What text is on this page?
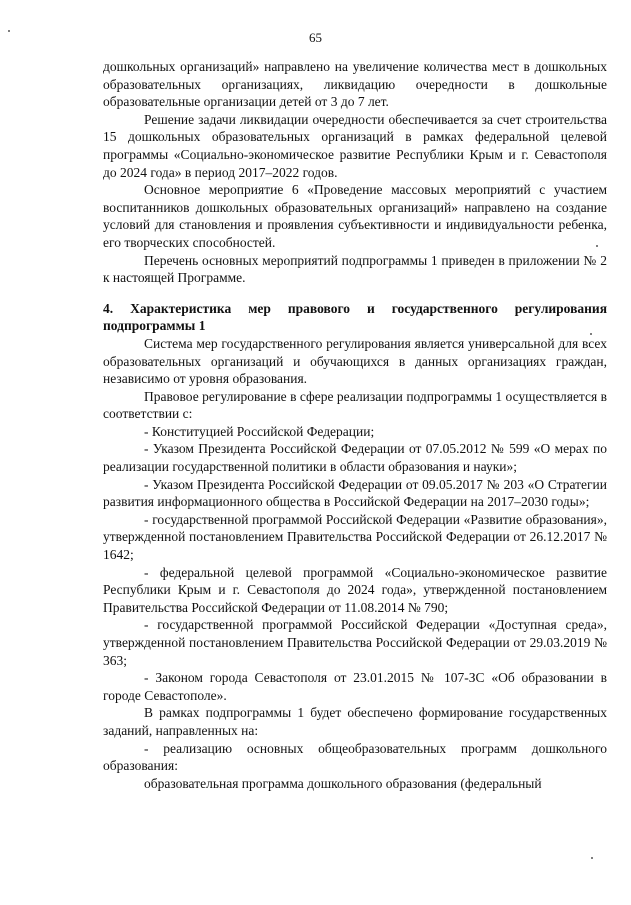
65

дошкольных организаций» направлено на увеличение количества мест в дошкольных образовательных организациях, ликвидацию очередности в дошкольные образовательные организации детей от 3 до 7 лет.

Решение задачи ликвидации очередности обеспечивается за счет строительства 15 дошкольных образовательных организаций в рамках федеральной целевой программы «Социально-экономическое развитие Республики Крым и г. Севастополя до 2024 года» в период 2017–2022 годов.

Основное мероприятие 6 «Проведение массовых мероприятий с участием воспитанников дошкольных образовательных организаций» направлено на создание условий для становления и проявления субъективности и индивидуальности ребенка, его творческих способностей.

Перечень основных мероприятий подпрограммы 1 приведен в приложении № 2 к настоящей Программе.

4. Характеристика мер правового и государственного регулирования подпрограммы 1

Система мер государственного регулирования является универсальной для всех образовательных организаций и обучающихся в данных организациях граждан, независимо от уровня образования.

Правовое регулирование в сфере реализации подпрограммы 1 осуществляется в соответствии с:

- Конституцией Российской Федерации;

- Указом Президента Российской Федерации от 07.05.2012 № 599 «О мерах по реализации государственной политики в области образования и науки»;

- Указом Президента Российской Федерации от 09.05.2017 № 203 «О Стратегии развития информационного общества в Российской Федерации на 2017–2030 годы»;

- государственной программой Российской Федерации «Развитие образования», утвержденной постановлением Правительства Российской Федерации от 26.12.2017 № 1642;

- федеральной целевой программой «Социально-экономическое развитие Республики Крым и г. Севастополя до 2024 года», утвержденной постановлением Правительства Российской Федерации от 11.08.2014 № 790;

- государственной программой Российской Федерации «Доступная среда», утвержденной постановлением Правительства Российской Федерации от 29.03.2019 № 363;

- Законом города Севастополя от 23.01.2015 № 107-ЗС «Об образовании в городе Севастополе».

В рамках подпрограммы 1 будет обеспечено формирование государственных заданий, направленных на:

- реализацию основных общеобразовательных программ дошкольного образования:

образовательная программа дошкольного образования (федеральный
